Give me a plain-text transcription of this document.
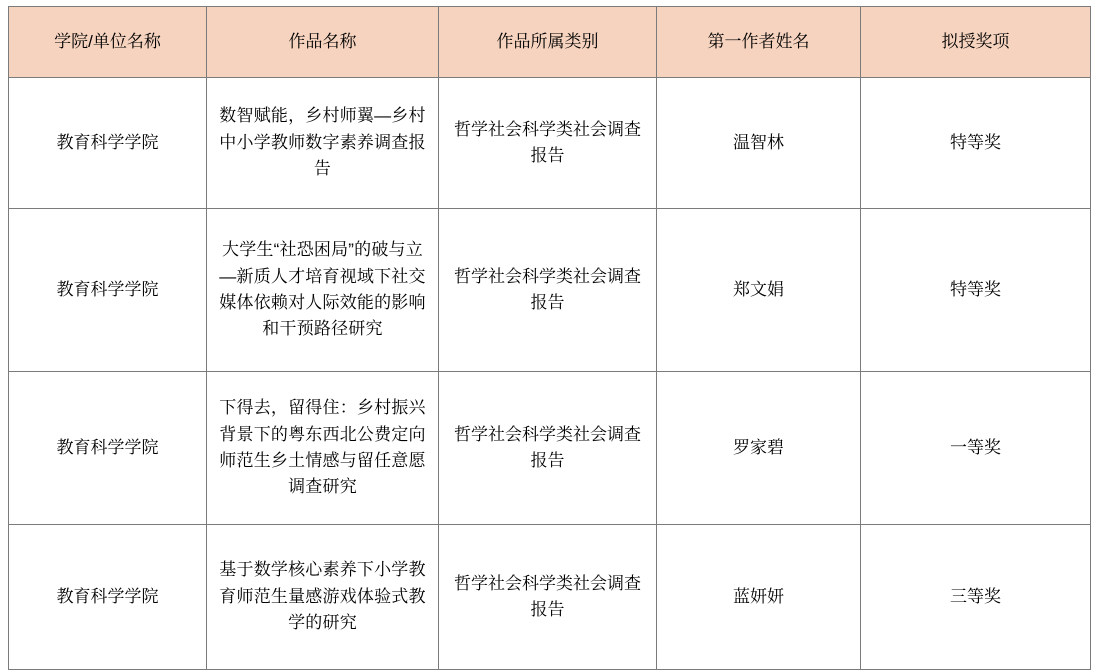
学院/单位名称	作品名称	作品所属类别	第一作者姓名	拟授奖项
教育科学学院	数智赋能，乡村师翼—乡村中小学教师数字素养调查报告	哲学社会科学类社会调查报告	温智林	特等奖
教育科学学院	大学生“社恐困局”的破与立—新质人才培育视域下社交媒体依赖对人际效能的影响和干预路径研究	哲学社会科学类社会调查报告	郑文娟	特等奖
教育科学学院	下得去，留得住：乡村振兴背景下的粤东西北公费定向师范生乡土情感与留任意愿调查研究	哲学社会科学类社会调查报告	罗家碧	一等奖
教育科学学院	基于数学核心素养下小学教育师范生量感游戏体验式教学的研究	哲学社会科学类社会调查报告	蓝妍妍	三等奖
